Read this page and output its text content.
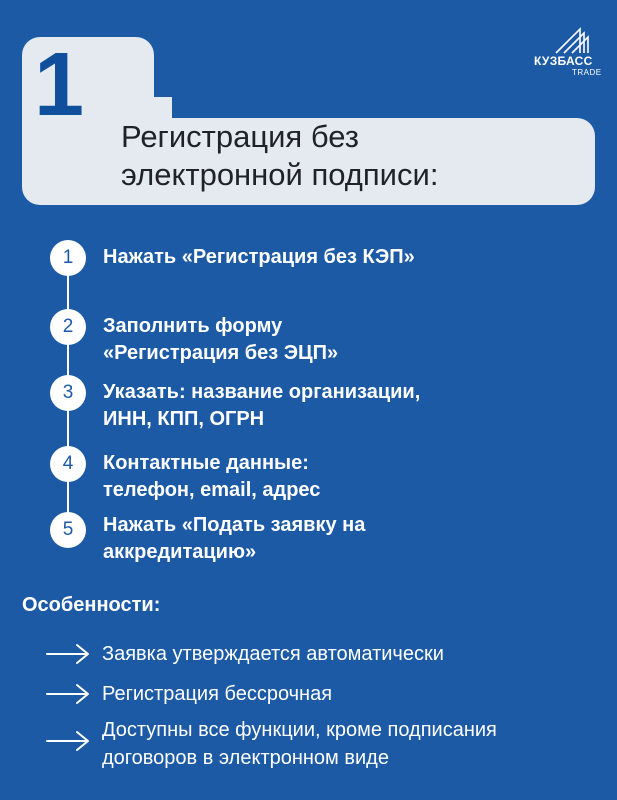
1
Регистрация без
электронной подписи:
КУЗБАСС
TRADE
1	Нажать «Регистрация без КЭП»
2	Заполнить форму
«Регистрация без ЭЦП»
3	Указать: название организации,
ИНН, КПП, ОГРН
4	Контактные данные:
телефон, email, адрес
5	Нажать «Подать заявку на
аккредитацию»
Особенности:
Заявка утверждается автоматически
Регистрация бессрочная
Доступны все функции, кроме подписания
договоров в электронном виде
